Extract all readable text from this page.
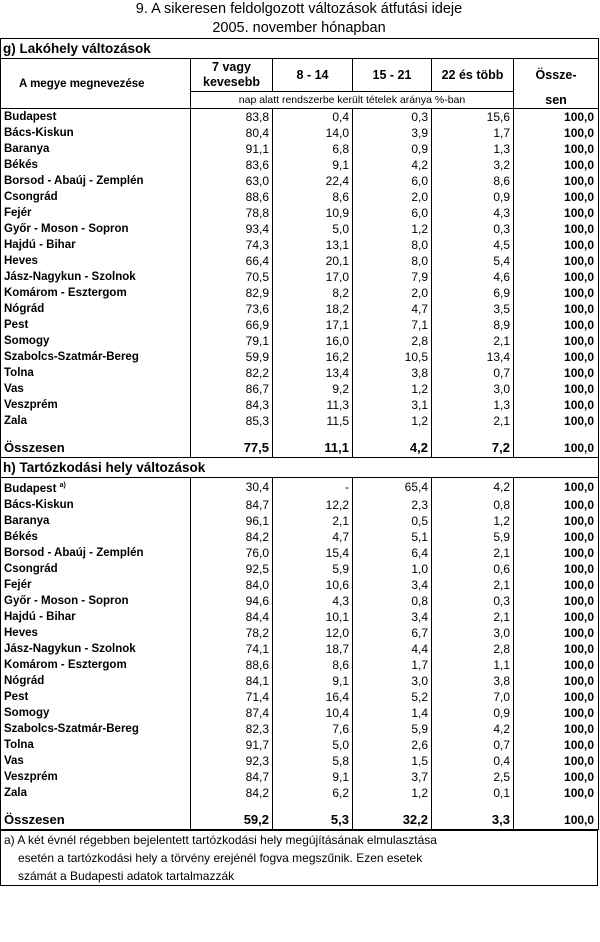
9. A sikeresen feldolgozott változások átfutási ideje
2005. november hónapban
g) Lakóhely változások					
A megye megnevezése	7 vagy
kevesebb	8 - 14	15 - 21	22 és több	Össze-
	nap alatt rendszerbe került tételek aránya %-ban				sen
Budapest	83,8	0,4	0,3	15,6	100,0
Bács-Kiskun	80,4	14,0	3,9	1,7	100,0
Baranya	91,1	6,8	0,9	1,3	100,0
Békés	83,6	9,1	4,2	3,2	100,0
Borsod - Abaúj - Zemplén	63,0	22,4	6,0	8,6	100,0
Csongrád	88,6	8,6	2,0	0,9	100,0
Fejér	78,8	10,9	6,0	4,3	100,0
Győr - Moson - Sopron	93,4	5,0	1,2	0,3	100,0
Hajdú - Bihar	74,3	13,1	8,0	4,5	100,0
Heves	66,4	20,1	8,0	5,4	100,0
Jász-Nagykun - Szolnok	70,5	17,0	7,9	4,6	100,0
Komárom - Esztergom	82,9	8,2	2,0	6,9	100,0
Nógrád	73,6	18,2	4,7	3,5	100,0
Pest	66,9	17,1	7,1	8,9	100,0
Somogy	79,1	16,0	2,8	2,1	100,0
Szabolcs-Szatmár-Bereg	59,9	16,2	10,5	13,4	100,0
Tolna	82,2	13,4	3,8	0,7	100,0
Vas	86,7	9,2	1,2	3,0	100,0
Veszprém	84,3	11,3	3,1	1,3	100,0
Zala	85,3	11,5	1,2	2,1	100,0

Összesen	77,5	11,1	4,2	7,2	100,0
h) Tartózkodási hely változások					
Budapest $^{a)}$	30,4	-	65,4	4,2	100,0
Bács-Kiskun	84,7	12,2	2,3	0,8	100,0
Baranya	96,1	2,1	0,5	1,2	100,0
Békés	84,2	4,7	5,1	5,9	100,0
Borsod - Abaúj - Zemplén	76,0	15,4	6,4	2,1	100,0
Csongrád	92,5	5,9	1,0	0,6	100,0
Fejér	84,0	10,6	3,4	2,1	100,0
Győr - Moson - Sopron	94,6	4,3	0,8	0,3	100,0
Hajdú - Bihar	84,4	10,1	3,4	2,1	100,0
Heves	78,2	12,0	6,7	3,0	100,0
Jász-Nagykun - Szolnok	74,1	18,7	4,4	2,8	100,0
Komárom - Esztergom	88,6	8,6	1,7	1,1	100,0
Nógrád	84,1	9,1	3,0	3,8	100,0
Pest	71,4	16,4	5,2	7,0	100,0
Somogy	87,4	10,4	1,4	0,9	100,0
Szabolcs-Szatmár-Bereg	82,3	7,6	5,9	4,2	100,0
Tolna	91,7	5,0	2,6	0,7	100,0
Vas	92,3	5,8	1,5	0,4	100,0
Veszprém	84,7	9,1	3,7	2,5	100,0
Zala	84,2	6,2	1,2	0,1	100,0

Összesen	59,2	5,3	32,2	3,3	100,0
a) A két évnél régebben bejelentett tartózkodási hely megújításának elmulasztása
esetén a tartózkodási hely a törvény erejénél fogva megszűnik. Ezen esetek
számát a Budapesti adatok tartalmazzák
